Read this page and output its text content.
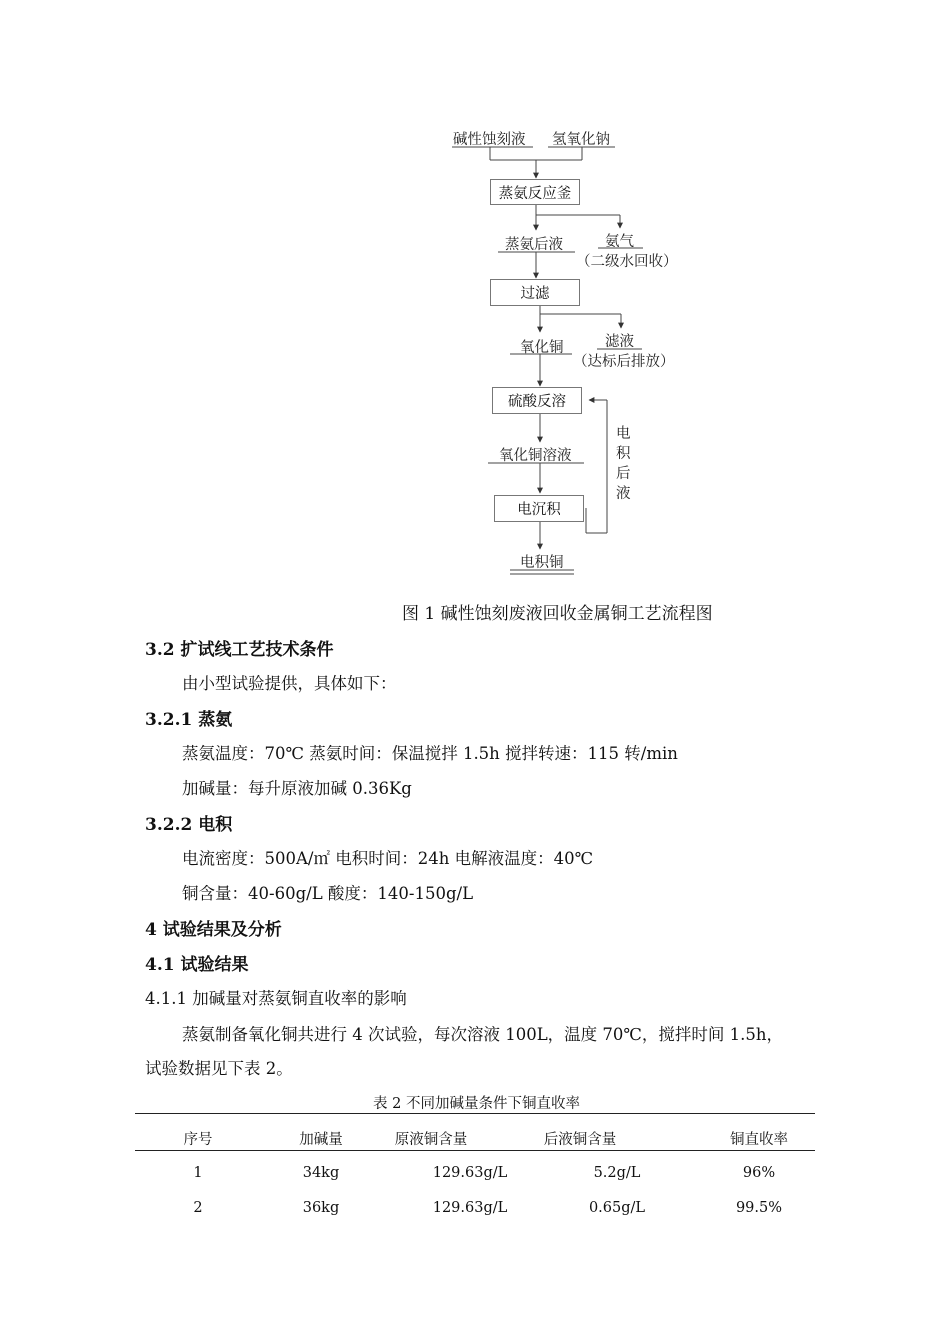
碱性蚀刻液 氢氧化钠
蒸氨反应釜
蒸氨后液	氨气
（二级水回收）
过滤
氧化铜	滤液
（达标后排放）
硫酸反溶
氧化铜溶液
电沉积
电积铜
电
积
后
液
图 1 碱性蚀刻废液回收金属铜工艺流程图
3.2 扩试线工艺技术条件
由小型试验提供，具体如下：
3.2.1 蒸氨
蒸氨温度：70℃ 蒸氨时间：保温搅拌 1.5h 搅拌转速：115 转/min
加碱量：每升原液加碱 0.36Kg
3.2.2 电积
电流密度：500A/㎡ 电积时间：24h 电解液温度：40℃
铜含量：40-60g/L 酸度：140-150g/L
4 试验结果及分析
4.1 试验结果
4.1.1 加碱量对蒸氨铜直收率的影响
蒸氨制备氧化铜共进行 4 次试验，每次溶液 100L，温度 70℃，搅拌时间 1.5h，
试验数据见下表 2。
表 2 不同加碱量条件下铜直收率
序号	加碱量	原液铜含量	后液铜含量	铜直收率
1	34kg	129.63g/L	5.2g/L	96%
2	36kg	129.63g/L	0.65g/L	99.5%
